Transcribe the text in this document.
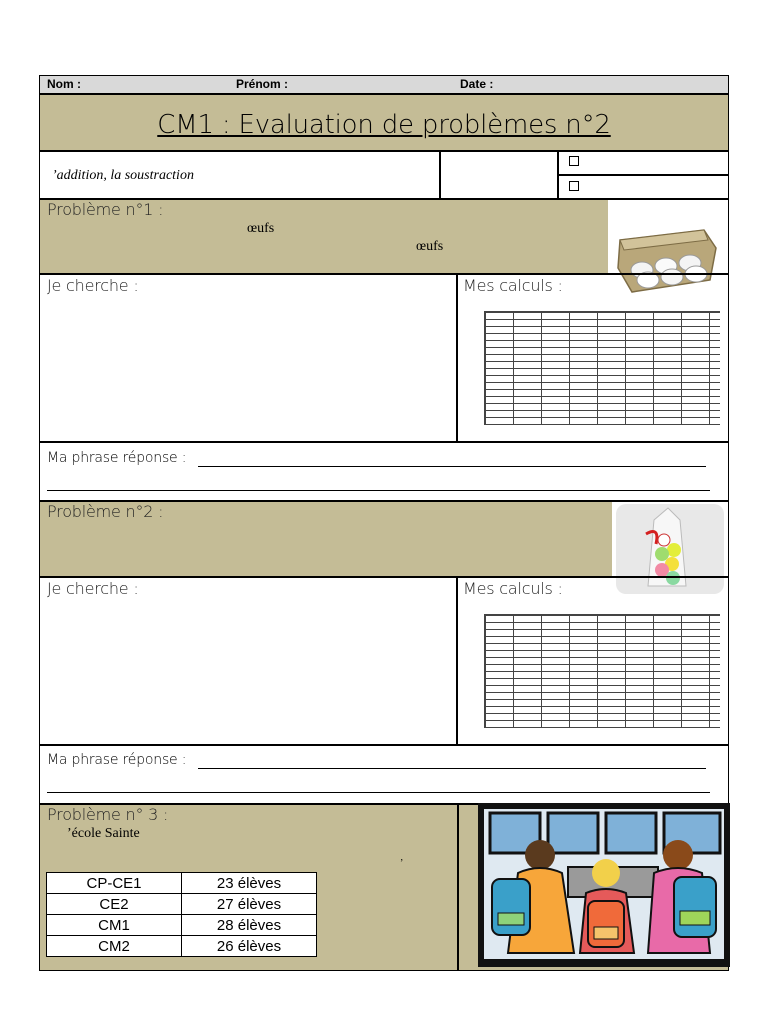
Nom :	Prénom :	Date :
CM1 : Evaluation de problèmes n°2
’addition, la soustraction
Problème n°1 :
œufs
œufs
Je cherche :	Mes calculs :
Ma phrase réponse :
Problème n°2 :
Je cherche :	Mes calculs :
Ma phrase réponse :
Problème n° 3 :
’école Sainte
’
CP-CE1	23 élèves
CE2	27 élèves
CM1	28 élèves
CM2	26 élèves
